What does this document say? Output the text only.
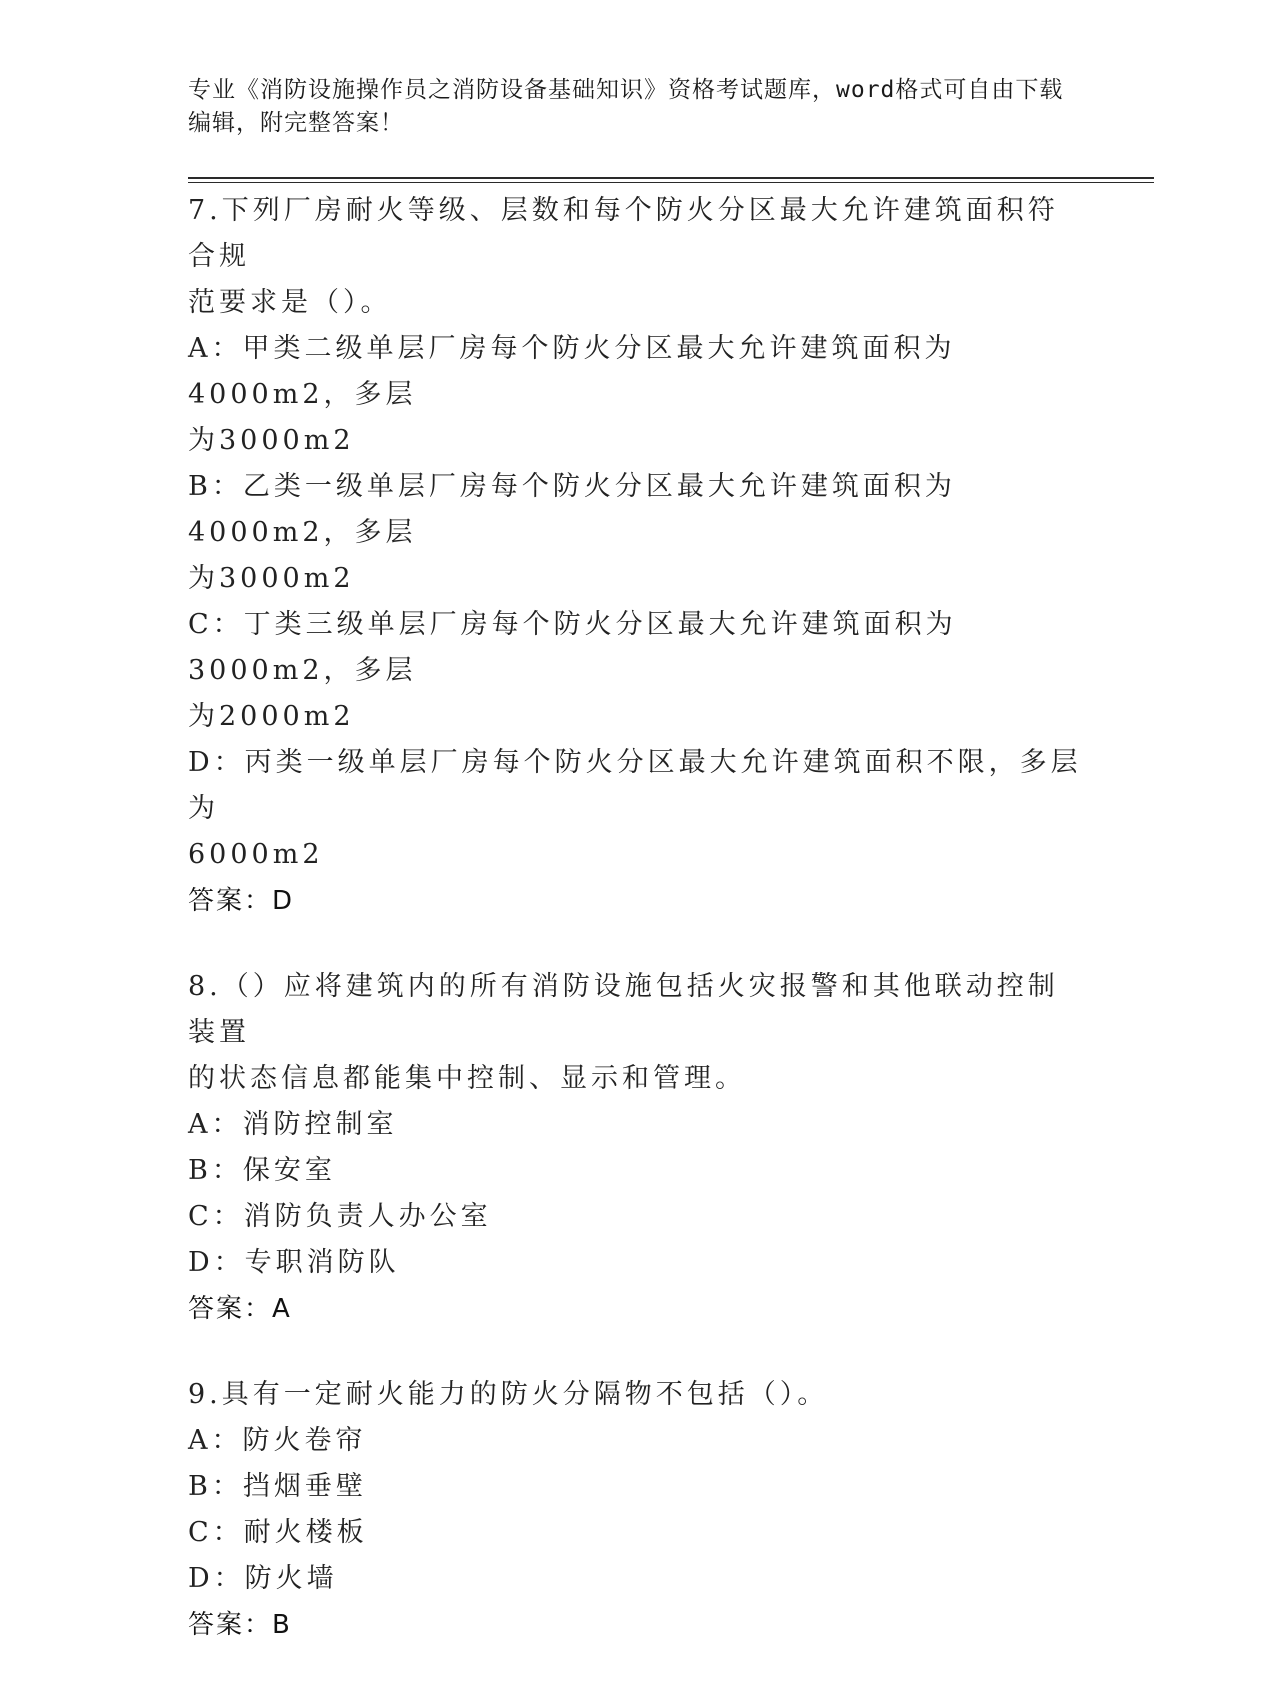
专业《消防设施操作员之消防设备基础知识》资格考试题库，word格式可自由下载编辑，附完整答案！
7.下列厂房耐火等级、层数和每个防火分区最大允许建筑面积符合规
范要求是（）。
A：甲类二级单层厂房每个防火分区最大允许建筑面积为4000m2，多层
为3000m2
B：乙类一级单层厂房每个防火分区最大允许建筑面积为4000m2，多层
为3000m2
C：丁类三级单层厂房每个防火分区最大允许建筑面积为3000m2，多层
为2000m2
D：丙类一级单层厂房每个防火分区最大允许建筑面积不限，多层为
6000m2
答案：D
8.（）应将建筑内的所有消防设施包括火灾报警和其他联动控制装置
的状态信息都能集中控制、显示和管理。
A：消防控制室
B：保安室
C：消防负责人办公室
D：专职消防队
答案：A
9.具有一定耐火能力的防火分隔物不包括（）。
A：防火卷帘
B：挡烟垂壁
C：耐火楼板
D：防火墙
答案：B
